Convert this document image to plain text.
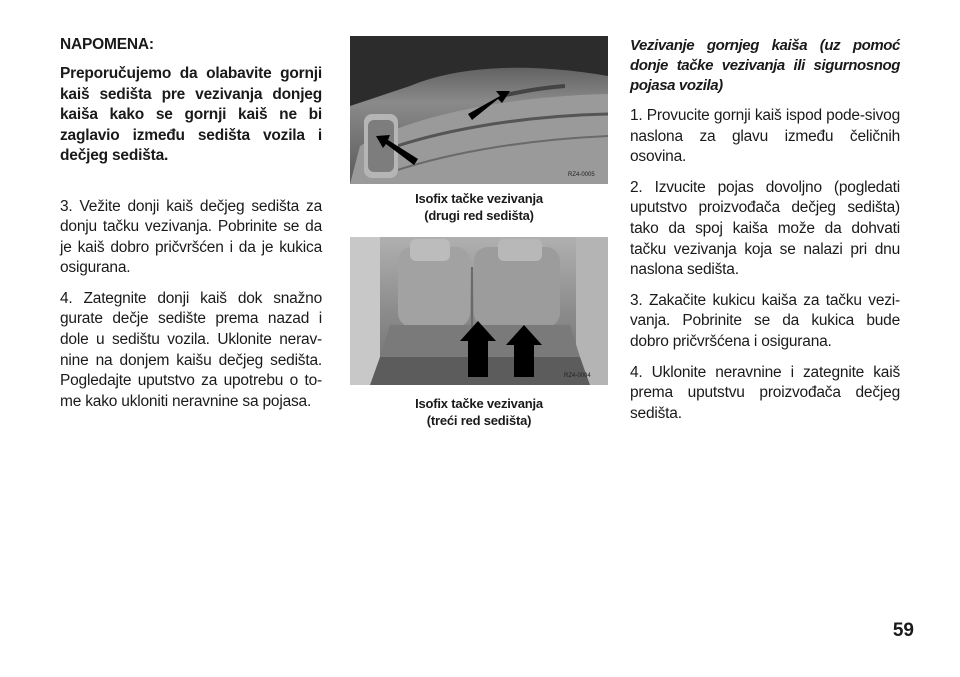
NAPOMENA:

Preporučujemo da olabavite gornji kaiš sedišta pre vezivanja donjeg kaiša kako se gornji kaiš ne bi zaglavio između sedišta vozila i dečjeg sedišta.

3. Vežite donji kaiš dečjeg sedišta za donju tačku vezivanja. Pobrinite se da je kaiš dobro pričvršćen i da je kukica osigurana.

4. Zategnite donji kaiš dok snažno gurate dečje sedište prema nazad i dole u sedištu vozila. Uklonite nerav-nine na donjem kaišu dečjeg sedišta. Pogledajte uputstvo za upotrebu o to-me kako ukloniti neravnine sa pojasa.

RZ4-0005

Isofix tačke vezivanja
(drugi red sedišta)

RZ4-0004

Isofix tačke vezivanja
(treći red sedišta)

Vezivanje gornjeg kaiša (uz pomoć donje tačke vezivanja ili sigurnosnog pojasa vozila)

1. Provucite gornji kaiš ispod pode-sivog naslona za glavu između čeličnih osovina.

2. Izvucite pojas dovoljno (pogledati uputstvo proizvođača dečjeg sedišta) tako da spoj kaiša može da dohvati tačku vezivanja koja se nalazi pri dnu naslona sedišta.

3. Zakačite kukicu kaiša za tačku vezi-vanja. Pobrinite se da kukica bude dobro pričvršćena i osigurana.

4. Uklonite neravnine i zategnite kaiš prema uputstvu proizvođača dečjeg sedišta.

59
